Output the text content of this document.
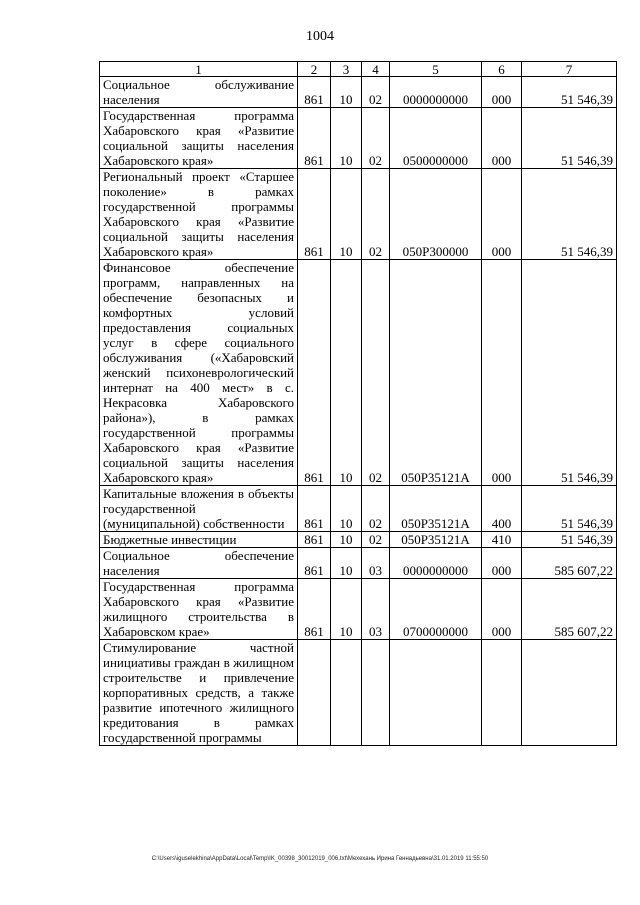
1004
1	2	3	4	5	6	7
Социальное обслуживание населения	861	10	02	0000000000	000	51 546,39
Государственная программа Хабаровского края «Развитие социальной защиты населения Хабаровского края»	861	10	02	0500000000	000	51 546,39
Региональный проект «Старшее поколение» в рамках государственной программы Хабаровского края «Развитие социальной защиты населения Хабаровского края»	861	10	02	050P300000	000	51 546,39
Финансовое обеспечение программ, направленных на обеспечение безопасных и комфортных условий предоставления социальных услуг в сфере социального обслуживания («Хабаровский женский психоневрологический интернат на 400 мест» в с. Некрасовка Хабаровского района»), в рамках государственной программы Хабаровского края «Развитие социальной защиты населения Хабаровского края»	861	10	02	050P35121A	000	51 546,39
Капитальные вложения в объекты государственной (муниципальной) собственности	861	10	02	050P35121A	400	51 546,39
Бюджетные инвестиции	861	10	02	050P35121A	410	51 546,39
Социальное обеспечение населения	861	10	03	0000000000	000	585 607,22
Государственная программа Хабаровского края «Развитие жилищного строительства в Хабаровском крае»	861	10	03	0700000000	000	585 607,22
Стимулирование частной инициативы граждан в жилищном строительстве и привлечение корпоративных средств, а также развитие ипотечного жилищного кредитования в рамках государственной программы						
C:\Users\iguselekhina\AppData\Local\Temp\IK_00398_30012019_006.txt\Мехехань Ирина Геннадьевна\31.01.2019 11:55:50
